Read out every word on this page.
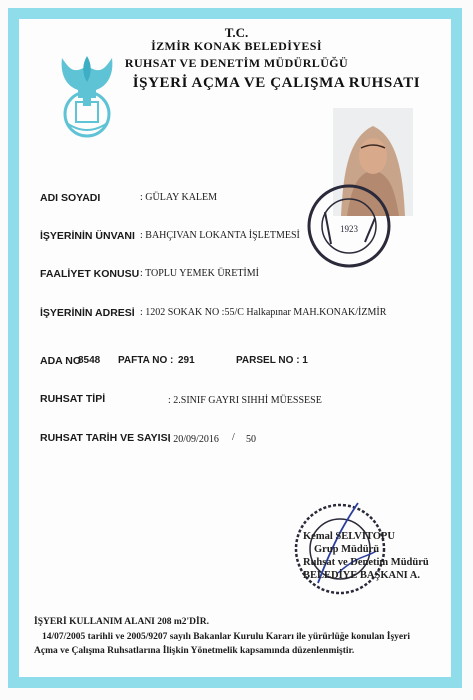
T.C.
İZMİR KONAK BELEDİYESİ
RUHSAT VE DENETİM MÜDÜRLÜĞÜ
İŞYERİ AÇMA VE ÇALIŞMA RUHSATI
1923
ADI SOYADI	: GÜLAY KALEM
İŞYERİNİN ÜNVANI : BAHÇIVAN LOKANTA İŞLETMESİ
FAALİYET KONUSU : TOPLU YEMEK ÜRETİMİ
İŞYERİNİN ADRESİ : 1202 SOKAK NO :55/C Halkapınar MAH.KONAK/İZMİR
ADA NO
8548 PAFTA NO : 291	PARSEL NO : 1
RUHSAT TİPİ	: 2.SINIF GAYRI SIHHİ MÜESSESE
RUHSAT TARİH VE SAYISI
: 20/09/2016 / 50
Kemal SELVİTOPU
Grup Müdürü
Ruhsat ve Denetim Müdürü
BELEDİYE BAŞKANI A.
İŞYERİ KULLANIM ALANI 208 m2'DİR.
14/07/2005 tarihli ve 2005/9207 sayılı Bakanlar Kurulu Kararı ile yürürlüğe konulan İşyeri
Açma ve Çalışma Ruhsatlarına İlişkin Yönetmelik kapsamında düzenlenmiştir.
